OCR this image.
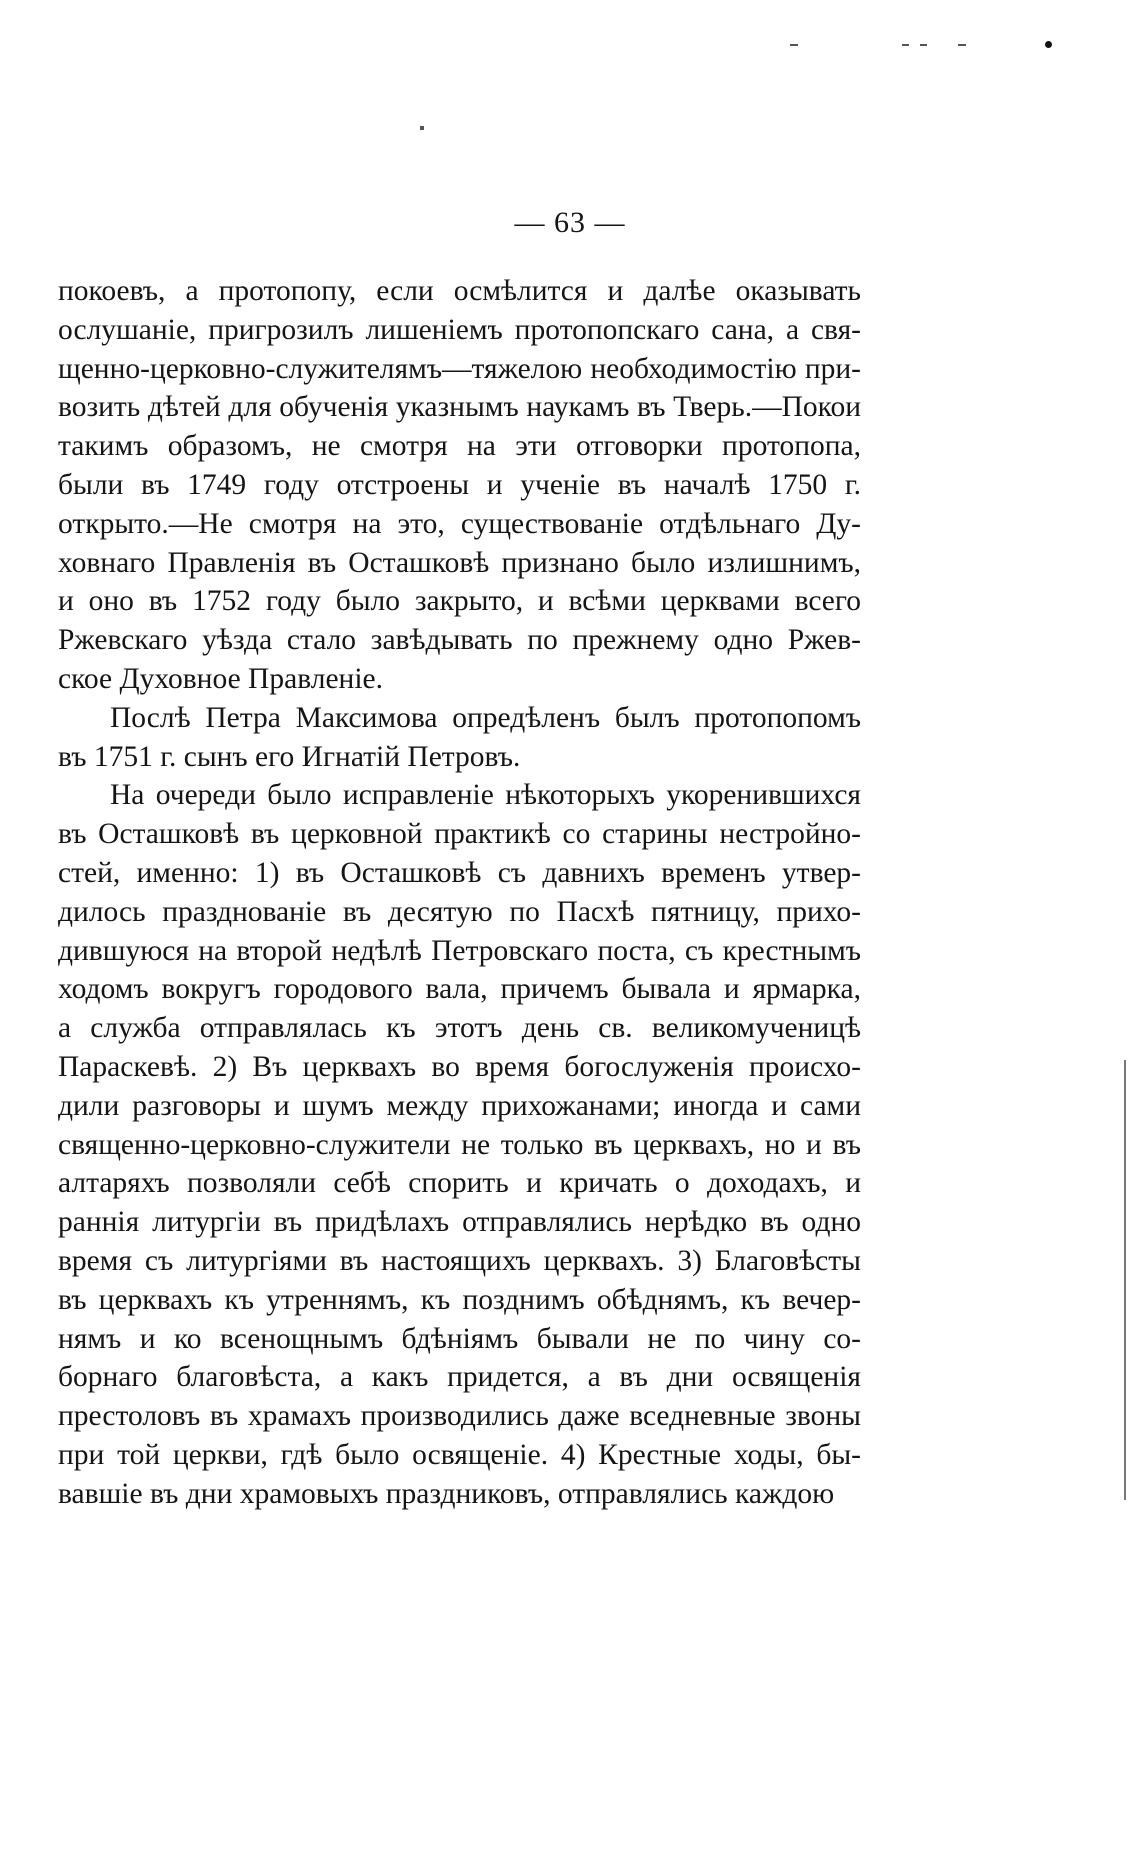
— 63 —
покоевъ, а протопопу, если осмѣлится и далѣе оказывать
ослушаніе, пригрозилъ лишеніемъ протопопскаго сана, а свя-
щенно-церковно-служителямъ—тяжелою необходимостію при-
возить дѣтей для обученія указнымъ наукамъ въ Тверь.—Покои
такимъ образомъ, не смотря на эти отговорки протопопа,
были въ 1749 году отстроены и ученіе въ началѣ 1750 г.
открыто.—Не смотря на это, существованіе отдѣльнаго Ду-
ховнаго Правленія въ Осташковѣ признано было излишнимъ,
и оно въ 1752 году было закрыто, и всѣми церквами всего
Ржевскаго уѣзда стало завѣдывать по прежнему одно Ржев-
ское Духовное Правленіе.
Послѣ Петра Максимова опредѣленъ былъ протопопомъ
въ 1751 г. сынъ его Игнатій Петровъ.
На очереди было исправленіе нѣкоторыхъ укоренившихся
въ Осташковѣ въ церковной практикѣ со старины нестройно-
стей, именно: 1) въ Осташковѣ съ давнихъ временъ утвер-
дилось празднованіе въ десятую по Пасхѣ пятницу, прихо-
дившуюся на второй недѣлѣ Петровскаго поста, съ крестнымъ
ходомъ вокругъ городового вала, причемъ бывала и ярмарка,
а служба отправлялась къ этотъ день св. великомученицѣ
Параскевѣ. 2) Въ церквахъ во время богослуженія происхо-
дили разговоры и шумъ между прихожанами; иногда и сами
священно-церковно-служители не только въ церквахъ, но и въ
алтаряхъ позволяли себѣ спорить и кричать о доходахъ, и
раннія литургіи въ придѣлахъ отправлялись нерѣдко въ одно
время съ литургіями въ настоящихъ церквахъ. 3) Благовѣсты
въ церквахъ къ утреннямъ, къ позднимъ обѣднямъ, къ вечер-
нямъ и ко всенощнымъ бдѣніямъ бывали не по чину со-
борнаго благовѣста, а какъ придется, а въ дни освященія
престоловъ въ храмахъ производились даже вседневные звоны
при той церкви, гдѣ было освященіе. 4) Крестные ходы, бы-
вавшіе въ дни храмовыхъ праздниковъ, отправлялись каждою
